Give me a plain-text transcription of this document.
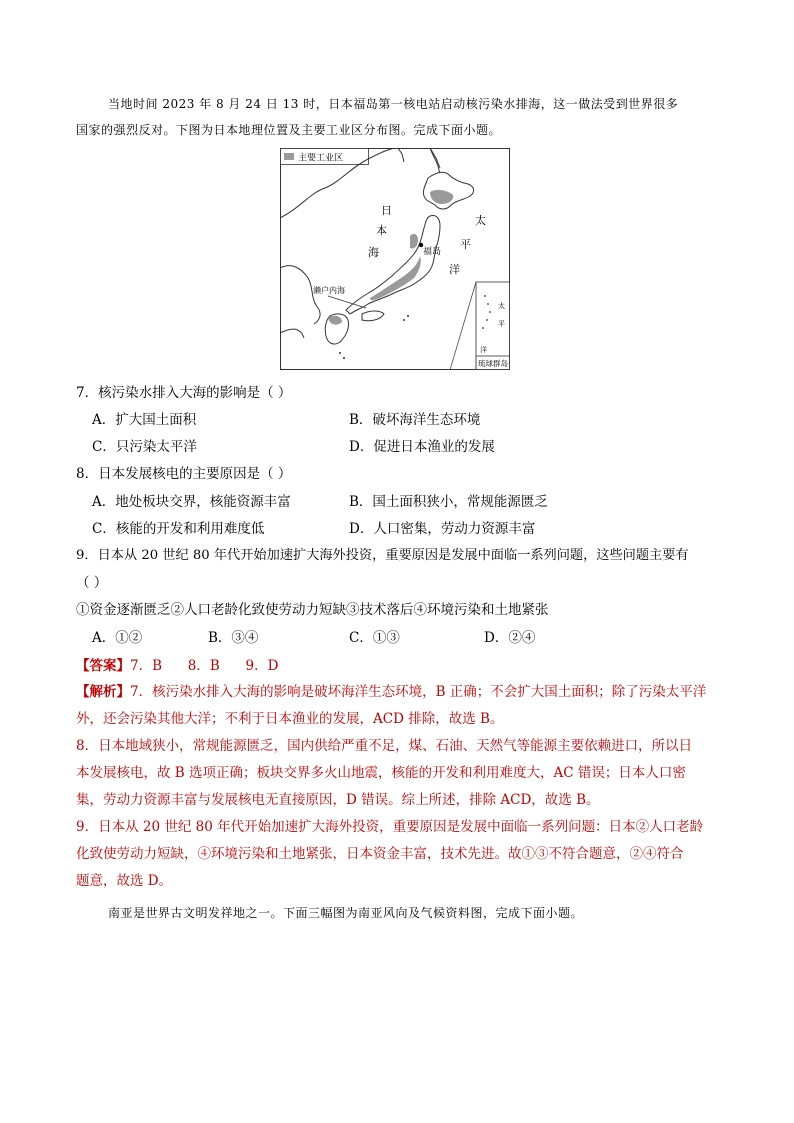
当地时间 2023 年 8 月 24 日 13 时，日本福岛第一核电站启动核污染水排海，这一做法受到世界很多
国家的强烈反对。下图为日本地理位置及主要工业区分布图。完成下面小题。
主要工业区
福岛
濑户内海
日
本
海
太
平
洋
太
平
洋
琉球群岛
7．核污染水排入大海的影响是（ ）
A．扩大国土面积	B．破坏海洋生态环境
C．只污染太平洋	D．促进日本渔业的发展
8．日本发展核电的主要原因是（ ）
A．地处板块交界，核能资源丰富	B．国土面积狭小，常规能源匮乏
C．核能的开发和利用难度低	D．人口密集，劳动力资源丰富
9．日本从 20 世纪 80 年代开始加速扩大海外投资，重要原因是发展中面临一系列问题，这些问题主要有
（ ）
①资金逐渐匮乏②人口老龄化致使劳动力短缺③技术落后④环境污染和土地紧张
A．①②	B．③④	C．①③	D．②④
【答案】7．B      8．B      9．D
【解析】7．核污染水排入大海的影响是破坏海洋生态环境，B 正确；不会扩大国土面积；除了污染太平洋
外，还会污染其他大洋；不利于日本渔业的发展，ACD 排除，故选 B。
8．日本地域狭小，常规能源匮乏，国内供给严重不足，煤、石油、天然气等能源主要依赖进口，所以日
本发展核电，故 B 选项正确；板块交界多火山地震，核能的开发和利用难度大，AC 错误；日本人口密
集，劳动力资源丰富与发展核电无直接原因，D 错误。综上所述，排除 ACD，故选 B。
9．日本从 20 世纪 80 年代开始加速扩大海外投资，重要原因是发展中面临一系列问题：日本②人口老龄
化致使劳动力短缺，④环境污染和土地紧张，日本资金丰富，技术先进。故①③不符合题意，②④符合
题意，故选 D。
南亚是世界古文明发祥地之一。下面三幅图为南亚风向及气候资料图，完成下面小题。
